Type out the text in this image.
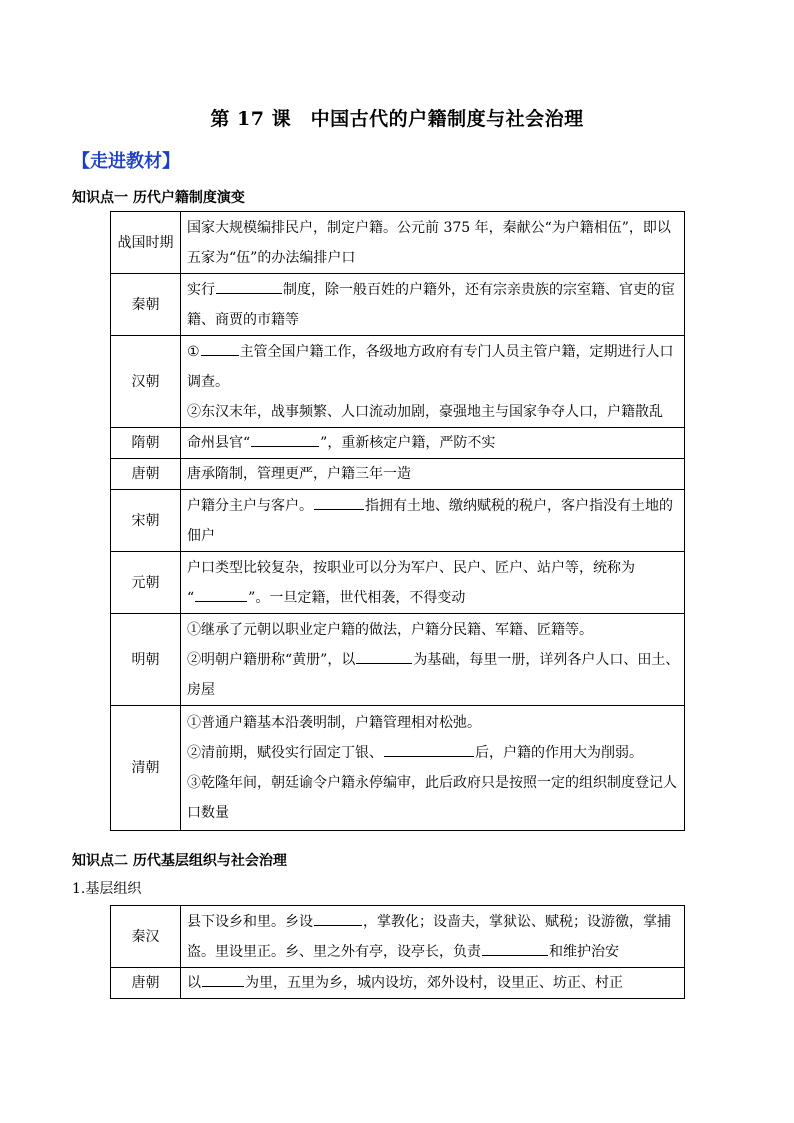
第 17 课　中国古代的户籍制度与社会治理
【走进教材】
知识点一 历代户籍制度演变
战国时期	国家大规模编排民户，制定户籍。公元前 375 年，秦献公“为户籍相伍”，即以五家为“伍”的办法编排户口
秦朝	实行 制度，除一般百姓的户籍外，还有宗亲贵族的宗室籍、官吏的宦籍、商贾的市籍等
汉朝	① 主管全国户籍工作，各级地方政府有专门人员主管户籍，定期进行人口调查。
②东汉末年，战事频繁、人口流动加剧，豪强地主与国家争夺人口，户籍散乱

隋朝	命州县官“ ”，重新核定户籍，严防不实
唐朝	唐承隋制，管理更严，户籍三年一造
宋朝	户籍分主户与客户。 指拥有土地、缴纳赋税的税户，客户指没有土地的佃户
元朝	户口类型比较复杂，按职业可以分为军户、民户、匠户、站户等，统称为
“ ”。一旦定籍，世代相袭，不得变动

明朝	①继承了元朝以职业定户籍的做法，户籍分民籍、军籍、匠籍等。
②明朝户籍册称“黄册”，以 为基础，每里一册，详列各户人口、田土、房屋
清朝	①普通户籍基本沿袭明制，户籍管理相对松弛。
②清前期，赋役实行固定丁银、 后，户籍的作用大为削弱。
③乾隆年间，朝廷谕令户籍永停编审，此后政府只是按照一定的组织制度登记人口数量
知识点二 历代基层组织与社会治理
1.基层组织
秦汉	县下设乡和里。乡设 ，掌教化；设啬夫，掌狱讼、赋税；设游徼，掌捕盗。里设里正。乡、里之外有亭，设亭长，负责 和维护治安
唐朝	以 为里，五里为乡，城内设坊，郊外设村，设里正、坊正、村正
